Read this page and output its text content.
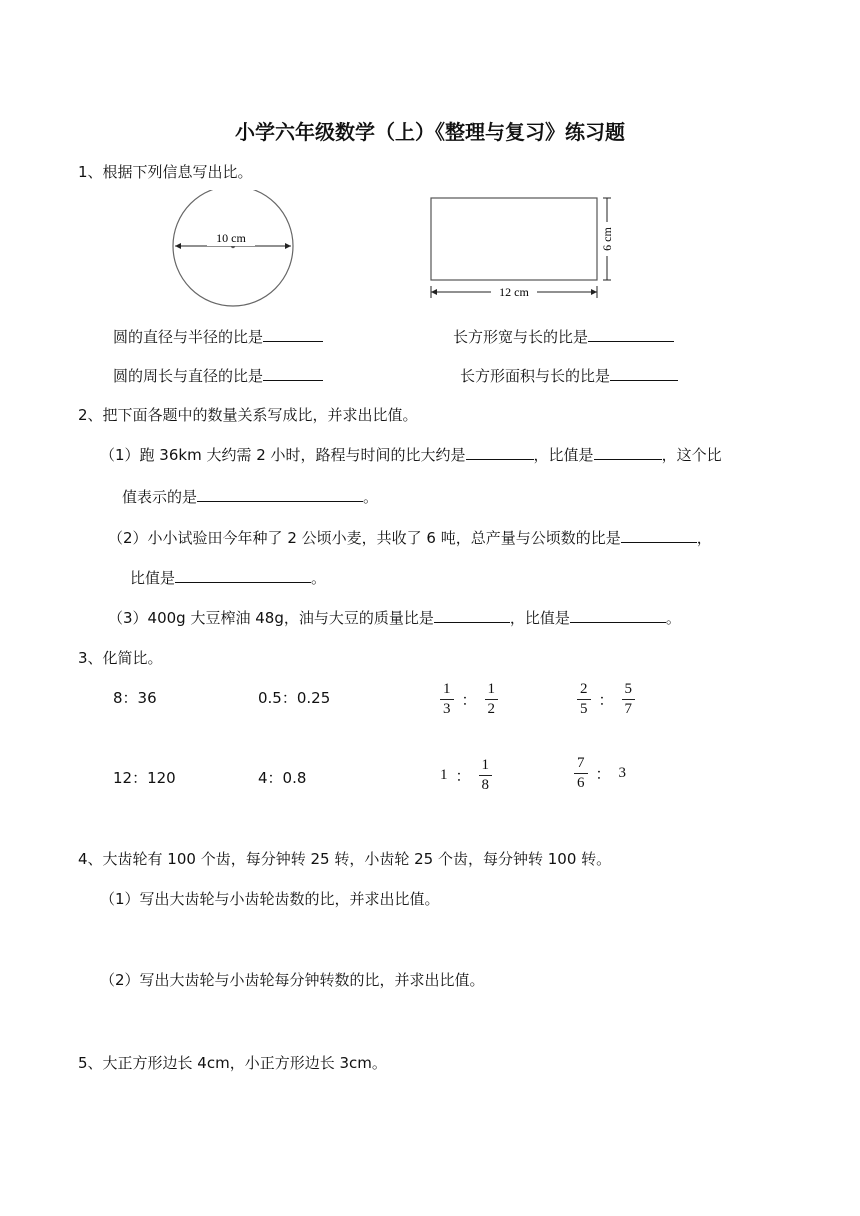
小学六年级数学（上）《整理与复习》练习题
1、根据下列信息写出比。
10 cm	6 cm
12 cm
圆的直径与半径的比是	长方形宽与长的比是
圆的周长与直径的比是	长方形面积与长的比是
2、把下面各题中的数量关系写成比，并求出比值。
（1）跑 36km 大约需 2 小时，路程与时间的比大约是	，比值是	，这个比
值表示的是	。
（2）小小试验田今年种了 2 公顷小麦，共收了 6 吨，总产量与公顷数的比是	，
比值是	。
（3）400g 大豆榨油 48g，油与大豆的质量比是	，比值是	。
3、化简比。
8：36	0.5：0.25	$\frac{1}{3}$ ： $\frac{1}{2}$	$\frac{2}{5}$ ： $\frac{5}{7}$
12：120	4：0.8	1 ： $\frac{1}{8}$	$\frac{7}{6}$ ： 3
4、大齿轮有 100 个齿，每分钟转 25 转，小齿轮 25 个齿，每分钟转 100 转。
（1）写出大齿轮与小齿轮齿数的比，并求出比值。
（2）写出大齿轮与小齿轮每分钟转数的比，并求出比值。
5、大正方形边长 4cm，小正方形边长 3cm。
